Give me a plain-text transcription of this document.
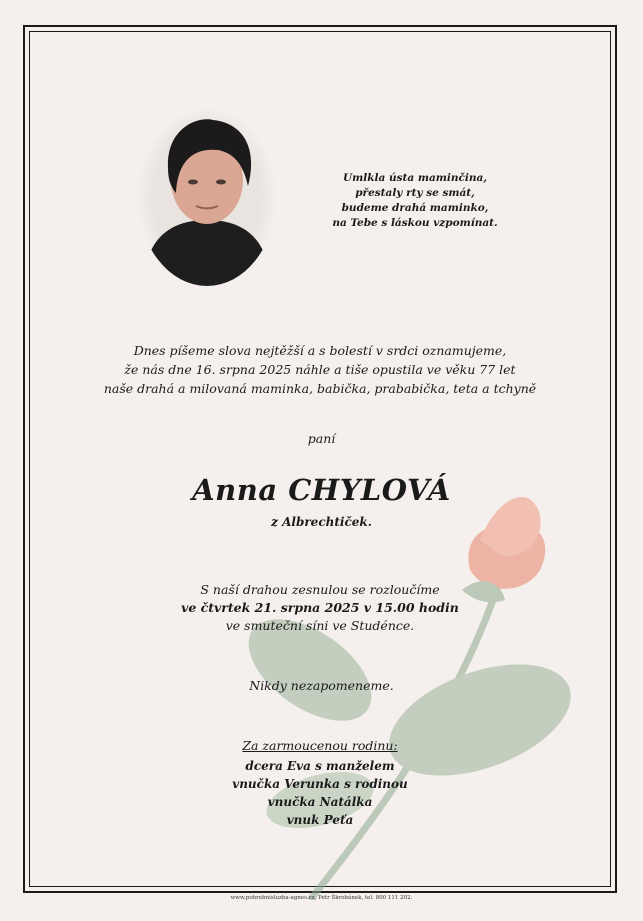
Umlkla ústa maminčina,
přestaly rty se smát,
budeme drahá maminko,
na Tebe s láskou vzpomínat.
Dnes píšeme slova nejtěžší a s bolestí v srdci oznamujeme,
že nás dne 16. srpna 2025 náhle a tiše opustila ve věku 77 let
naše drahá a milovaná maminka, babička, prababička, teta a tchyně
paní
Anna CHYLOVÁ
z Albrechtiček.
S naší drahou zesnulou se rozloučíme
ve čtvrtek 21. srpna 2025 v 15.00 hodin
ve smuteční síni ve Studénce.
Nikdy nezapomeneme.
Za zarmoucenou rodinu:
dcera Eva s manželem
vnučka Verunka s rodinou
vnučka Natálka
vnuk Peťa
www.pohrebnisluzba-agnes.cz, Petr Škrobánek, tel. 800 111 202.
